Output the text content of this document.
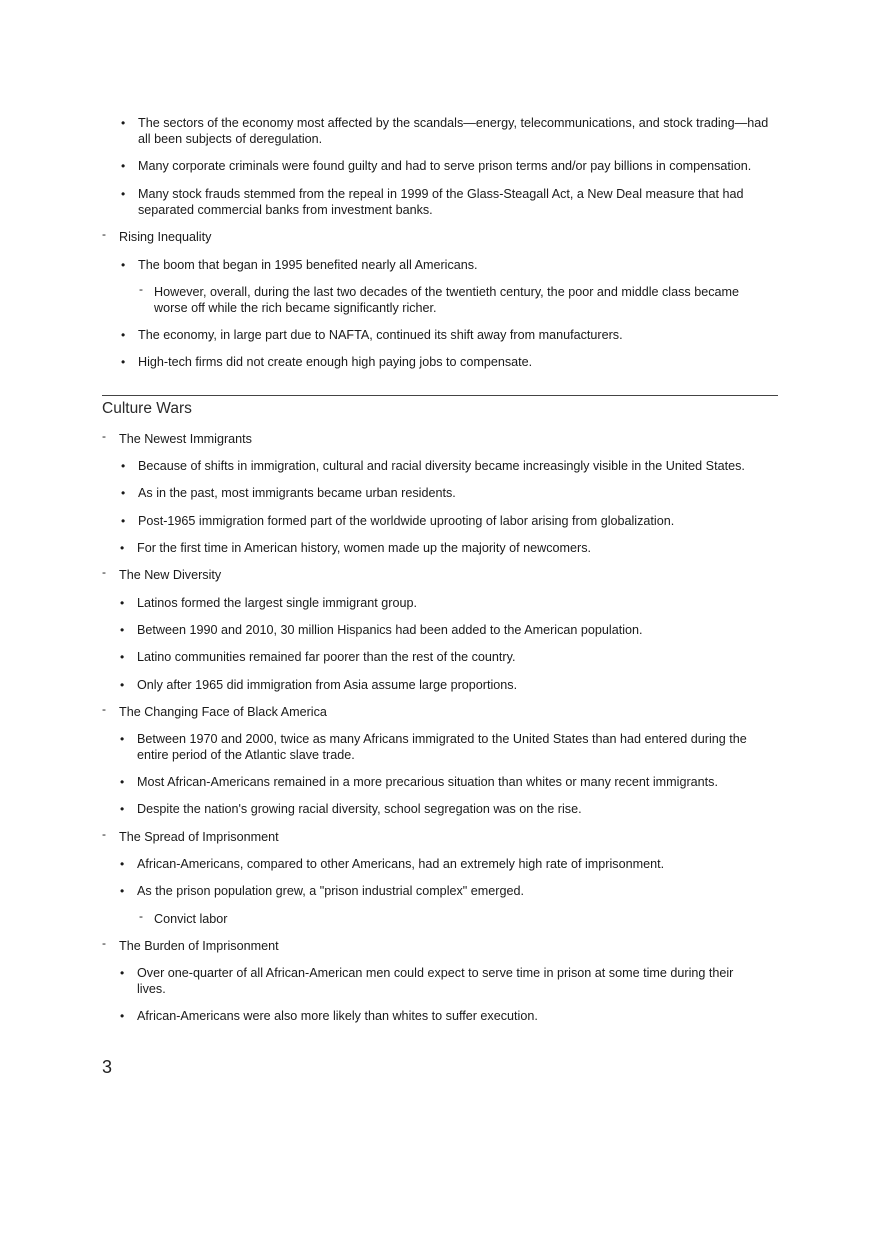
• The sectors of the economy most affected by the scandals—energy, telecommunications, and stock trading—had all been subjects of deregulation.
• Many corporate criminals were found guilty and had to serve prison terms and/or pay billions in compensation.
• Many stock frauds stemmed from the repeal in 1999 of the Glass-Steagall Act, a New Deal measure that had separated commercial banks from investment banks.
- Rising Inequality
• The boom that began in 1995 benefited nearly all Americans.
- However, overall, during the last two decades of the twentieth century, the poor and middle class became worse off while the rich became significantly richer.
• The economy, in large part due to NAFTA, continued its shift away from manufacturers.
• High-tech firms did not create enough high paying jobs to compensate.
Culture Wars
- The Newest Immigrants
• Because of shifts in immigration, cultural and racial diversity became increasingly visible in the United States.
• As in the past, most immigrants became urban residents.
• Post-1965 immigration formed part of the worldwide uprooting of labor arising from globalization.
• For the first time in American history, women made up the majority of newcomers.
- The New Diversity
• Latinos formed the largest single immigrant group.
• Between 1990 and 2010, 30 million Hispanics had been added to the American population.
• Latino communities remained far poorer than the rest of the country.
• Only after 1965 did immigration from Asia assume large proportions.
- The Changing Face of Black America
• Between 1970 and 2000, twice as many Africans immigrated to the United States than had entered during the entire period of the Atlantic slave trade.
• Most African-Americans remained in a more precarious situation than whites or many recent immigrants.
• Despite the nation's growing racial diversity, school segregation was on the rise.
- The Spread of Imprisonment
• African-Americans, compared to other Americans, had an extremely high rate of imprisonment.
• As the prison population grew, a "prison industrial complex" emerged.
- Convict labor
- The Burden of Imprisonment
• Over one-quarter of all African-American men could expect to serve time in prison at some time during their lives.
• African-Americans were also more likely than whites to suffer execution.
3
